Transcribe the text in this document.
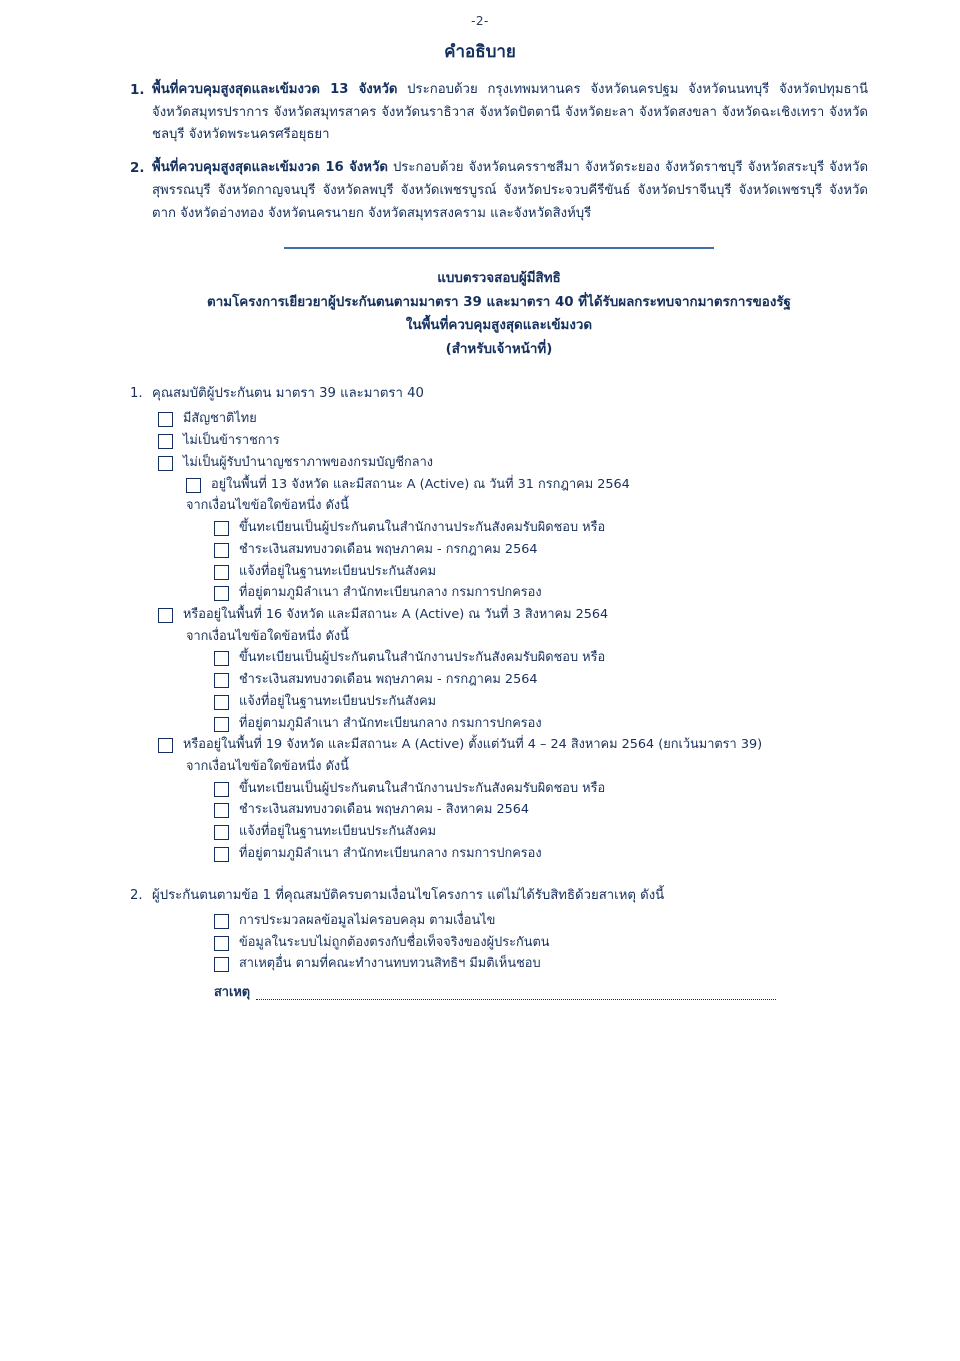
-2-
คำอธิบาย
1. พื้นที่ควบคุมสูงสุดและเข้มงวด 13 จังหวัด ประกอบด้วย กรุงเทพมหานคร จังหวัดนครปฐม จังหวัดนนทบุรี จังหวัดปทุมธานี จังหวัดสมุทรปราการ จังหวัดสมุทรสาคร จังหวัดนราธิวาส จังหวัดปัตตานี จังหวัดยะลา จังหวัดสงขลา จังหวัดฉะเชิงเทรา จังหวัดชลบุรี จังหวัดพระนครศรีอยุธยา
2. พื้นที่ควบคุมสูงสุดและเข้มงวด 16 จังหวัด ประกอบด้วย จังหวัดนครราชสีมา จังหวัดระยอง จังหวัดราชบุรี จังหวัดสระบุรี จังหวัดสุพรรณบุรี จังหวัดกาญจนบุรี จังหวัดลพบุรี จังหวัดเพชรบูรณ์ จังหวัดประจวบคีรีขันธ์ จังหวัดปราจีนบุรี จังหวัดเพชรบุรี จังหวัดตาก จังหวัดอ่างทอง จังหวัดนครนายก จังหวัดสมุทรสงคราม และจังหวัดสิงห์บุรี
แบบตรวจสอบผู้มีสิทธิ
ตามโครงการเยียวยาผู้ประกันตนตามมาตรา 39 และมาตรา 40 ที่ได้รับผลกระทบจากมาตรการของรัฐ
ในพื้นที่ควบคุมสูงสุดและเข้มงวด
(สำหรับเจ้าหน้าที่)
1. คุณสมบัติผู้ประกันตน มาตรา 39 และมาตรา 40
มีสัญชาติไทย
ไม่เป็นข้าราชการ
ไม่เป็นผู้รับบำนาญชราภาพของกรมบัญชีกลาง
อยู่ในพื้นที่ 13 จังหวัด และมีสถานะ A (Active) ณ วันที่ 31 กรกฎาคม 2564
จากเงื่อนไขข้อใดข้อหนึ่ง ดังนี้
ขึ้นทะเบียนเป็นผู้ประกันตนในสำนักงานประกันสังคมรับผิดชอบ หรือ
ชำระเงินสมทบงวดเดือน พฤษภาคม - กรกฎาคม 2564
แจ้งที่อยู่ในฐานทะเบียนประกันสังคม
ที่อยู่ตามภูมิลำเนา สำนักทะเบียนกลาง กรมการปกครอง
หรืออยู่ในพื้นที่ 16 จังหวัด และมีสถานะ A (Active) ณ วันที่ 3 สิงหาคม 2564
จากเงื่อนไขข้อใดข้อหนึ่ง ดังนี้
ขึ้นทะเบียนเป็นผู้ประกันตนในสำนักงานประกันสังคมรับผิดชอบ หรือ
ชำระเงินสมทบงวดเดือน พฤษภาคม - กรกฎาคม 2564
แจ้งที่อยู่ในฐานทะเบียนประกันสังคม
ที่อยู่ตามภูมิลำเนา สำนักทะเบียนกลาง กรมการปกครอง
หรืออยู่ในพื้นที่ 19 จังหวัด และมีสถานะ A (Active) ตั้งแต่วันที่ 4 – 24 สิงหาคม 2564 (ยกเว้นมาตรา 39)
จากเงื่อนไขข้อใดข้อหนึ่ง ดังนี้
ขึ้นทะเบียนเป็นผู้ประกันตนในสำนักงานประกันสังคมรับผิดชอบ หรือ
ชำระเงินสมทบงวดเดือน พฤษภาคม - สิงหาคม 2564
แจ้งที่อยู่ในฐานทะเบียนประกันสังคม
ที่อยู่ตามภูมิลำเนา สำนักทะเบียนกลาง กรมการปกครอง
2. ผู้ประกันตนตามข้อ 1 ที่คุณสมบัติครบตามเงื่อนไขโครงการ แต่ไม่ได้รับสิทธิด้วยสาเหตุ ดังนี้
การประมวลผลข้อมูลไม่ครอบคลุม ตามเงื่อนไข
ข้อมูลในระบบไม่ถูกต้องตรงกับชื่อเท็จจริงของผู้ประกันตน
สาเหตุอื่น ตามที่คณะทำงานทบทวนสิทธิฯ มีมติเห็นชอบ
สาเหตุ
